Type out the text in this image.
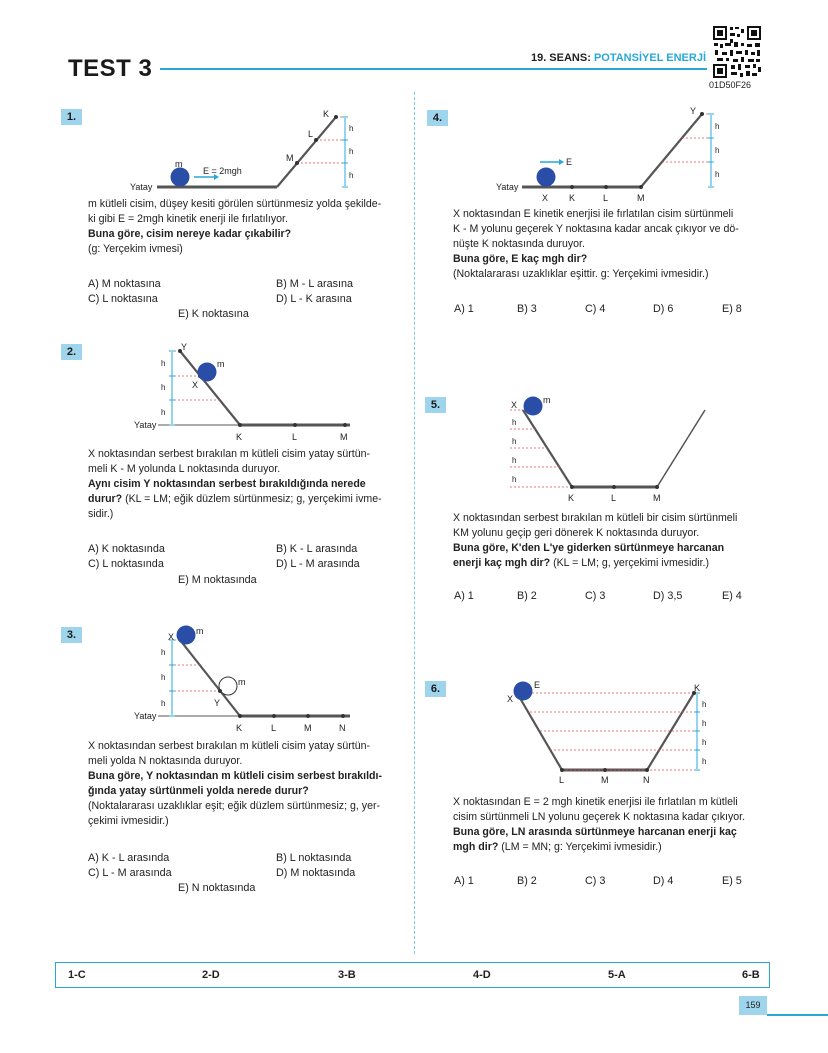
TEST 3	19. SEANS: POTANSİYEL ENERJİ
01D50F26
1.
m
E = 2mgh
Yatay
M
L
K
h
h
h
m kütleli cisim, düşey kesiti görülen sürtünmesiz yolda şekilde-
ki gibi E = 2mgh kinetik enerji ile fırlatılıyor.
Buna göre, cisim nereye kadar çıkabilir?
(g: Yerçekim ivmesi)
A) M noktasına	B) M - L arasına
C) L noktasına	D) L - K arasına
E) K noktasına
2.	Y
X
m
Yatay
K	L	M
h
h
h
X noktasından serbest bırakılan m kütleli cisim yatay sürtün-
meli K - M yolunda L noktasında duruyor.
Aynı cisim Y noktasından serbest bırakıldığında nerede
durur? (KL = LM; eğik düzlem sürtünmesiz; g, yerçekimi ivme-
sidir.)
A) K noktasında	B) K - L arasında
C) L noktasında	D) L - M arasında
E) M noktasında
3.	X
m
m
Y
Yatay
K	L	M	N
h
h
h
X noktasından serbest bırakılan m kütleli cisim yatay sürtün-
meli yolda N noktasında duruyor.
Buna göre, Y noktasından m kütleli cisim serbest bırakıldı-
ğında yatay sürtünmeli yolda nerede durur?
(Noktalararası uzaklıklar eşit; eğik düzlem sürtünmesiz; g, yer-
çekimi ivmesidir.)
A) K - L arasında	B) L noktasında
C) L - M arasında	D) M noktasında
E) N noktasında
4.
E
Yatay
X K	L	M
Y
h
h
h
X noktasından E kinetik enerjisi ile fırlatılan cisim sürtünmeli
K - M yolunu geçerek Y noktasına kadar ancak çıkıyor ve dö-
nüşte K noktasında duruyor.
Buna göre, E kaç mgh dir?
(Noktalararası uzaklıklar eşittir. g: Yerçekimi ivmesidir.)
A) 1	B) 3	C) 4	D) 6	E) 8
5.	X	m
K	L	M
h
h
h
h
X noktasından serbest bırakılan m kütleli bir cisim sürtünmeli
KM yolunu geçip geri dönerek K noktasında duruyor.
Buna göre, K'den L'ye giderken sürtünmeye harcanan
enerji kaç mgh dir? (KL = LM; g, yerçekimi ivmesidir.)
A) 1	B) 2	C) 3	D) 3,5	E) 4
6.	E
X
K
L	M	N
h
h
h
h
X noktasından E = 2 mgh kinetik enerjisi ile fırlatılan m kütleli
cisim sürtünmeli LN yolunu geçerek K noktasına kadar çıkıyor.
Buna göre, LN arasında sürtünmeye harcanan enerji kaç
mgh dir? (LM = MN; g: Yerçekimi ivmesidir.)
A) 1	B) 2	C) 3	D) 4	E) 5
1-C	2-D	3-B	4-D	5-A	6-B
159
